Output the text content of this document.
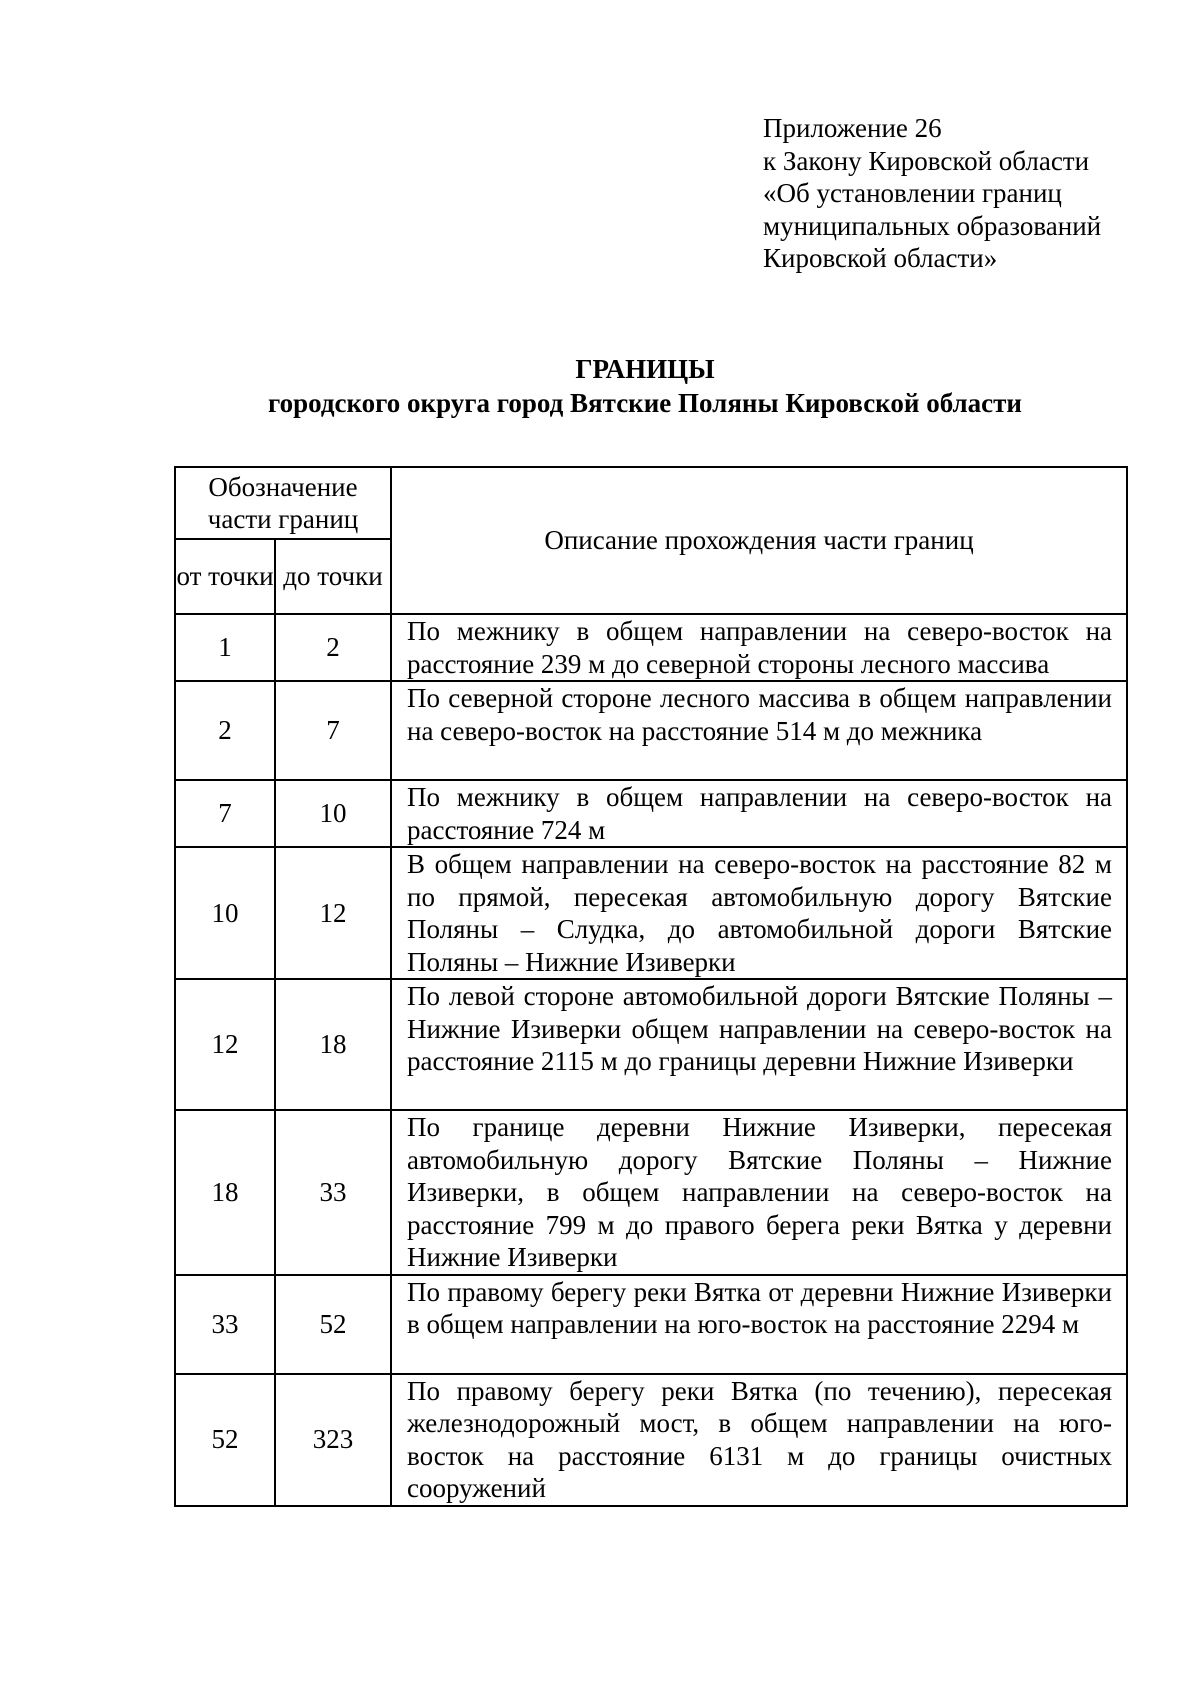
Приложение 26
к Закону Кировской области
«Об установлении границ
муниципальных образований
Кировской области»
ГРАНИЦЫ
городского округа город Вятские Поляны Кировской области
Обозначение части границ		Описание прохождения части границ
от точки	до точки	
1	2	По межнику в общем направлении на северо-восток на расстояние 239 м до северной стороны лесного массива
2	7	По северной стороне лесного массива в общем направлении на северо-восток на расстояние 514 м до межника
7	10	По межнику в общем направлении на северо-восток на расстояние 724 м
10	12	В общем направлении на северо-восток на расстояние 82 м по прямой, пересекая автомобильную дорогу Вятские Поляны – Слудка, до автомобильной дороги Вятские Поляны – Нижние Изиверки
12	18	По левой стороне автомобильной дороги Вятские Поляны – Нижние Изиверки общем направлении на северо-восток на расстояние 2115 м до границы деревни Нижние Изиверки
18	33	По границе деревни Нижние Изиверки, пересекая автомобильную дорогу Вятские Поляны – Нижние Изиверки, в общем направлении на северо-восток на расстояние 799 м до правого берега реки Вятка у деревни Нижние Изиверки
33	52	По правому берегу реки Вятка от деревни Нижние Изиверки в общем направлении на юго-восток на расстояние 2294 м
52	323	По правому берегу реки Вятка (по течению), пересекая железнодорожный мост, в общем направлении на юго-восток на расстояние 6131 м до границы очистных сооружений
